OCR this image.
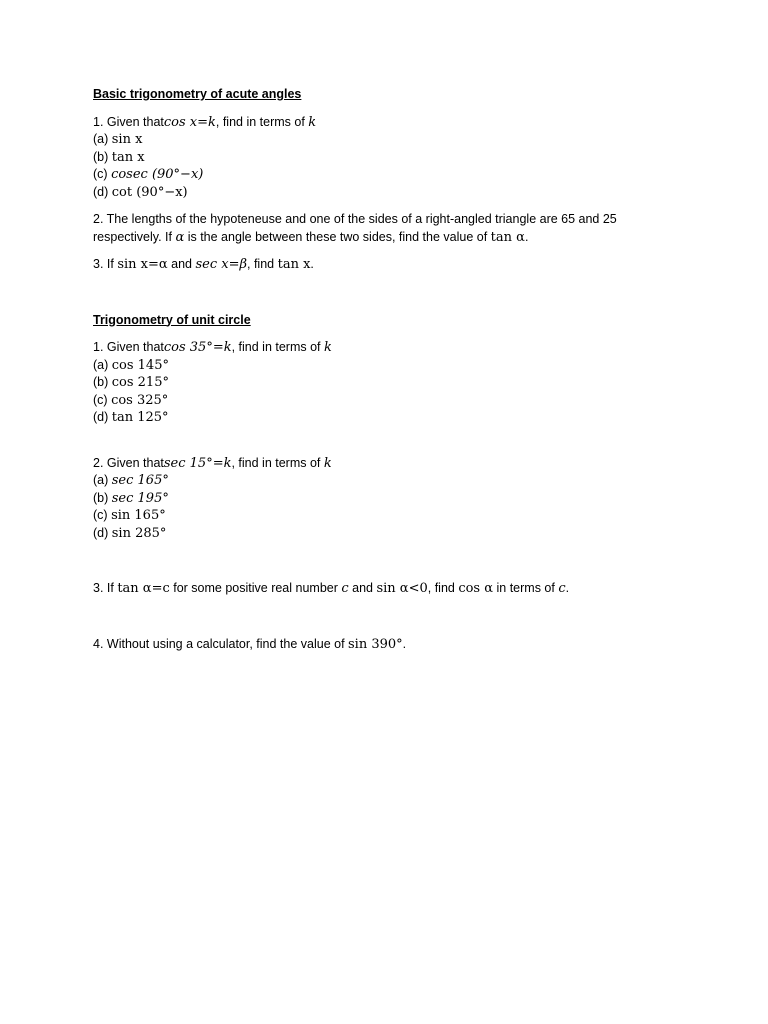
Basic trigonometry of acute angles
1. Given thatcos x=k, find in terms of k
(a) sin x
(b) tan x
(c) cosec (90°−x)
(d) cot (90°−x)
2. The lengths of the hypoteneuse and one of the sides of a right-angled triangle are 65 and 25
respectively. If α is the angle between these two sides, find the value of tan α.
3. If sin x=α and sec x=β, find tan x.
Trigonometry of unit circle
1. Given thatcos 35°=k, find in terms of k
(a) cos 145°
(b) cos 215°
(c) cos 325°
(d) tan 125°
2. Given thatsec 15°=k, find in terms of k
(a) sec 165°
(b) sec 195°
(c) sin 165°
(d) sin 285°
3. If tan α=c for some positive real number c and sin α<0, find cos α in terms of c.
4. Without using a calculator, find the value of sin 390°.
